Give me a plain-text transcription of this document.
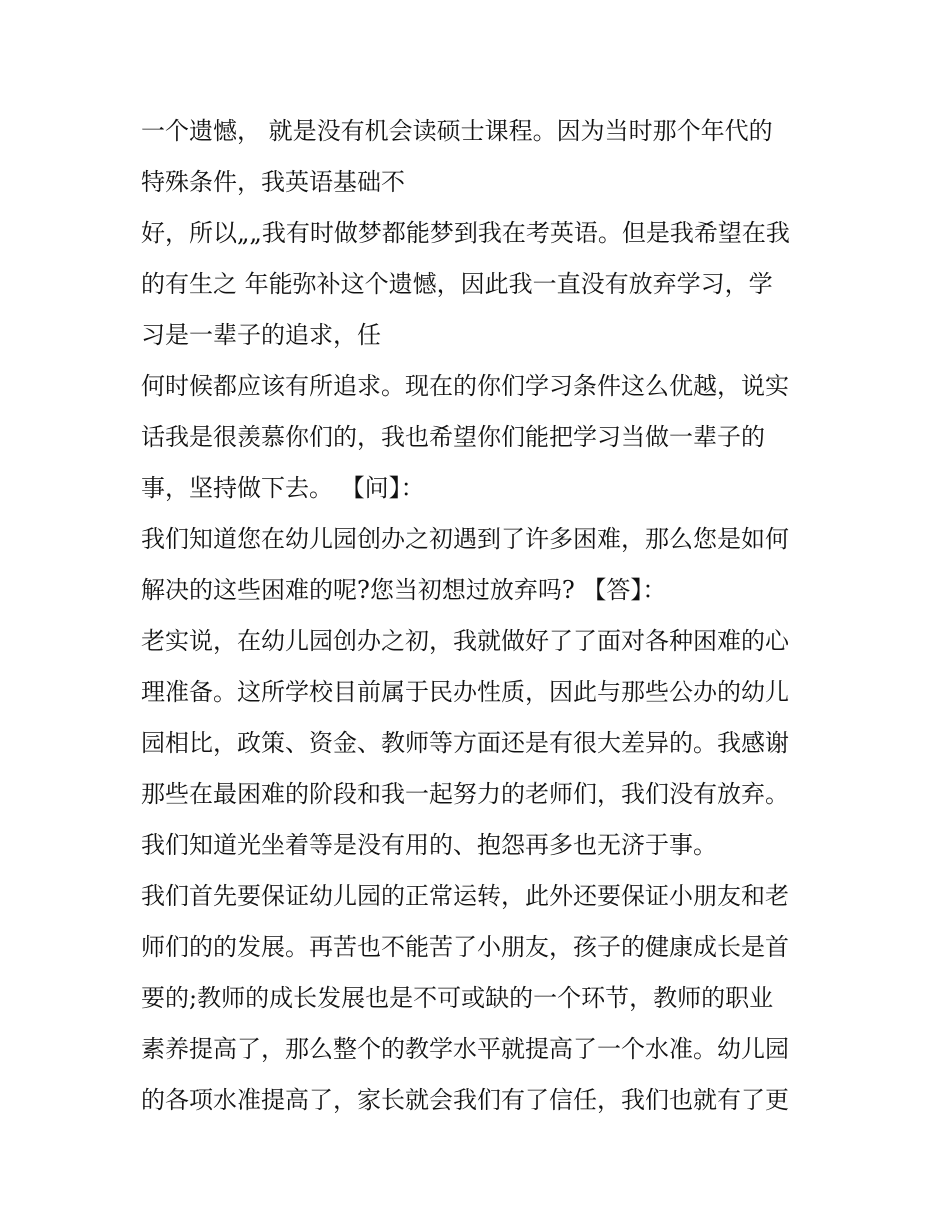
一个遗憾， 就是没有机会读硕士课程。因为当时那个年代的
特殊条件，我英语基础不
好，所以„„我有时做梦都能梦到我在考英语。但是我希望在我
的有生之 年能弥补这个遗憾，因此我一直没有放弃学习，学
习是一辈子的追求，任
何时候都应该有所追求。现在的你们学习条件这么优越，说实
话我是很羡慕你们的，我也希望你们能把学习当做一辈子的
事，坚持做下去。 【问】：
我们知道您在幼儿园创办之初遇到了许多困难，那么您是如何
解决的这些困难的呢?您当初想过放弃吗? 【答】：
老实说，在幼儿园创办之初，我就做好了了面对各种困难的心
理准备。这所学校目前属于民办性质，因此与那些公办的幼儿
园相比，政策、资金、教师等方面还是有很大差异的。我感谢
那些在最困难的阶段和我一起努力的老师们，我们没有放弃。
我们知道光坐着等是没有用的、抱怨再多也无济于事。
我们首先要保证幼儿园的正常运转，此外还要保证小朋友和老
师们的的发展。再苦也不能苦了小朋友，孩子的健康成长是首
要的;教师的成长发展也是不可或缺的一个环节，教师的职业
素养提高了，那么整个的教学水平就提高了一个水准。幼儿园
的各项水准提高了，家长就会我们有了信任，我们也就有了更
